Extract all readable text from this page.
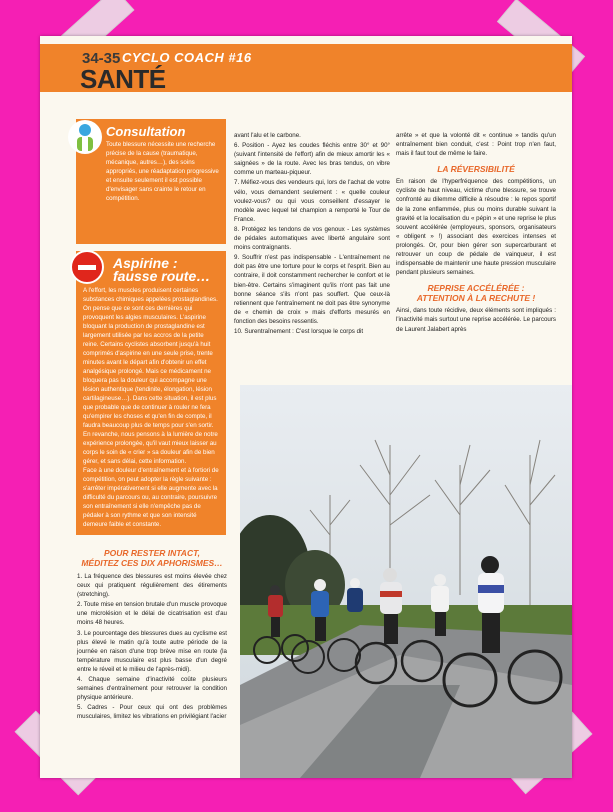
34-35 CYCLO COACH #16
SANTÉ
Consultation

Toute blessure nécessite une recherche précise de la cause (traumatique, mécanique, autres…), des soins appropriés, une réadaptation progressive et ensuite seulement il est possible d'envisager sans crainte le retour en compétition.

Aspirine :
fausse route…

A l'effort, les muscles produisent certaines substances chimiques appelées prostaglandines. On pense que ce sont ces dernières qui provoquent les algies musculaires. L'aspirine bloquant la production de prostaglandine est largement utilisée par les accros de la petite reine. Certains cyclistes absorbent jusqu'à huit comprimés d'aspirine en une seule prise, trente minutes avant le départ afin d'obtenir un effet analgésique prolongé. Mais ce médicament ne bloquera pas la douleur qui accompagne une lésion authentique (tendinite, élongation, lésion cartilagineuse…). Dans cette situation, il est plus que probable que de continuer à rouler ne fera qu'empirer les choses et qu'en fin de compte, il faudra beaucoup plus de temps pour s'en sortir. En revanche, nous pensons à la lumière de notre expérience prolongée, qu'il vaut mieux laisser au corps le soin de « crier » sa douleur afin de bien gérer, et sans délai, cette information.

Face à une douleur d'entraînement et à fortiori de compétition, on peut adopter la règle suivante : s'arrêter impérativement si elle augmente avec la difficulté du parcours ou, au contraire, poursuivre son entraînement si elle n'empêche pas de pédaler à son rythme et que son intensité demeure faible et constante.

POUR RESTER INTACT,
MÉDITEZ CES DIX APHORISMES…

1. La fréquence des blessures est moins élevée chez ceux qui pratiquent régulièrement des étirements (stretching).

2. Toute mise en tension brutale d'un muscle provoque une microlésion et le délai de cicatrisation est d'au moins 48 heures.

3. Le pourcentage des blessures dues au cyclisme est plus élevé le matin qu'à toute autre période de la journée en raison d'une trop brève mise en route (la température musculaire est plus basse d'un degré entre le réveil et le milieu de l'après-midi).

4. Chaque semaine d'inactivité coûte plusieurs semaines d'entraînement pour retrouver la condition physique antérieure.

5. Cadres - Pour ceux qui ont des problèmes musculaires, limitez les vibrations en privilégiant l'acier

avant l'alu et le carbone.

6. Position - Ayez les coudes fléchis entre 30° et 90° (suivant l'intensité de l'effort) afin de mieux amortir les « saignées » de la route. Avec les bras tendus, on vibre comme un marteau-piqueur.

7. Méfiez-vous des vendeurs qui, lors de l'achat de votre vélo, vous demandent seulement : « quelle couleur voulez-vous? ou qui vous conseillent d'essayer le modèle avec lequel tel champion a remporté le Tour de France.

8. Protégez les tendons de vos genoux - Les systèmes de pédales automatiques avec liberté angulaire sont moins contraignants.

9. Souffrir n'est pas indispensable - L'entraînement ne doit pas être une torture pour le corps et l'esprit. Bien au contraire, il doit constamment rechercher le confort et le bien-être. Certains s'imaginent qu'ils n'ont pas fait une bonne séance s'ils n'ont pas souffert. Que ceux-là retiennent que l'entraînement ne doit pas être synonyme de « chemin de croix » mais d'efforts mesurés en fonction des besoins ressentis.

10. Surentraînement : C'est lorsque le corps dit

arrête » et que la volonté dit « continue » tandis qu'un entraînement bien conduit, c'est : Point trop n'en faut, mais il faut tout de même le faire.

LA RÉVERSIBILITÉ

En raison de l'hyperfréquence des compétitions, un cycliste de haut niveau, victime d'une blessure, se trouve confronté au dilemme difficile à résoudre : le repos sportif de la zone enflammée, plus ou moins durable suivant la gravité et la localisation du « pépin » et une reprise le plus souvent accélérée (employeurs, sponsors, organisateurs « obligent » !) associant des exercices intenses et prolongés. Or, pour bien gérer son supercarburant et retrouver un coup de pédale de vainqueur, il est indispensable de maintenir une haute pression musculaire pendant plusieurs semaines.

REPRISE ACCÉLÉRÉE :
ATTENTION À LA RECHUTE !

Ainsi, dans toute récidive, deux éléments sont impliqués : l'inactivité mais surtout une reprise accélérée. Le parcours de Laurent Jalabert après
